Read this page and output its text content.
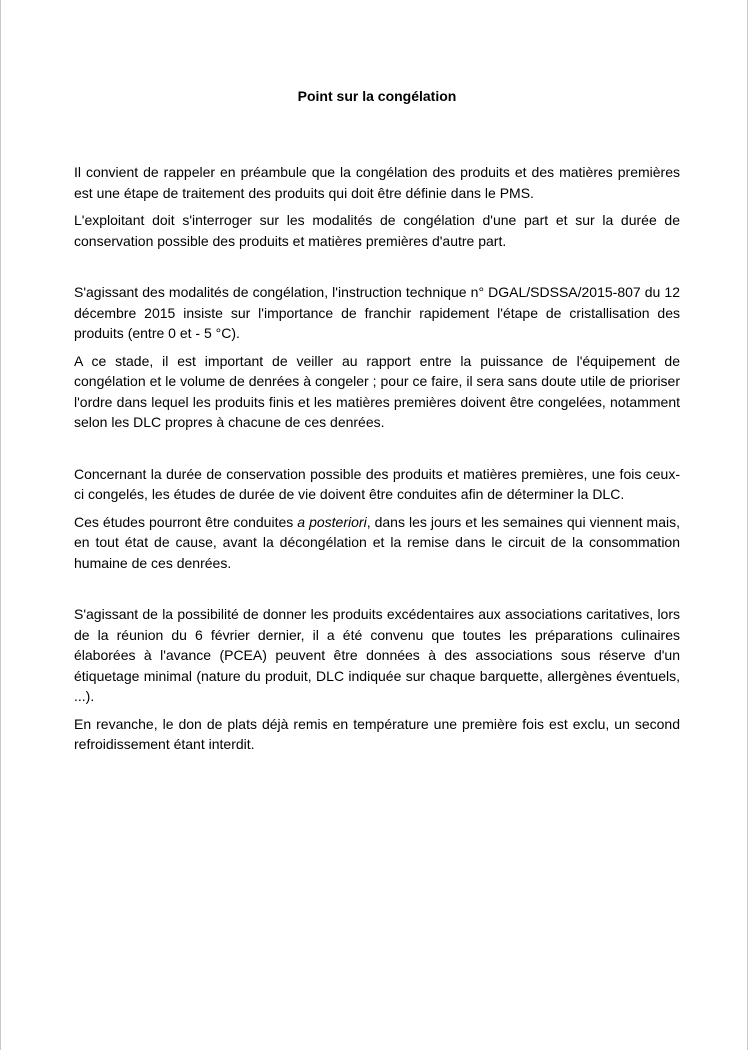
Point sur la congélation

Il convient de rappeler en préambule que la congélation des produits et des matières premières est une étape de traitement des produits qui doit être définie dans le PMS.

L'exploitant doit s'interroger sur les modalités de congélation d'une part et sur la durée de conservation possible des produits et matières premières d'autre part.

S'agissant des modalités de congélation, l'instruction technique n° DGAL/SDSSA/2015-807 du 12 décembre 2015 insiste sur l'importance de franchir rapidement l'étape de cristallisation des produits (entre 0 et - 5 °C).

A ce stade, il est important de veiller au rapport entre la puissance de l'équipement de congélation et le volume de denrées à congeler ; pour ce faire, il sera sans doute utile de prioriser l'ordre dans lequel les produits finis et les matières premières doivent être congelées, notamment selon les DLC propres à chacune de ces denrées.

Concernant la durée de conservation possible des produits et matières premières, une fois ceux-ci congelés, les études de durée de vie doivent être conduites afin de déterminer la DLC.

Ces études pourront être conduites a posteriori, dans les jours et les semaines qui viennent mais, en tout état de cause, avant la décongélation et la remise dans le circuit de la consommation humaine de ces denrées.

S'agissant de la possibilité de donner les produits excédentaires aux associations caritatives, lors de la réunion du 6 février dernier, il a été convenu que toutes les préparations culinaires élaborées à l'avance (PCEA) peuvent être données à des associations sous réserve d'un étiquetage minimal (nature du produit, DLC indiquée sur chaque barquette, allergènes éventuels, ...).

En revanche, le don de plats déjà remis en température une première fois est exclu, un second refroidissement étant interdit.
